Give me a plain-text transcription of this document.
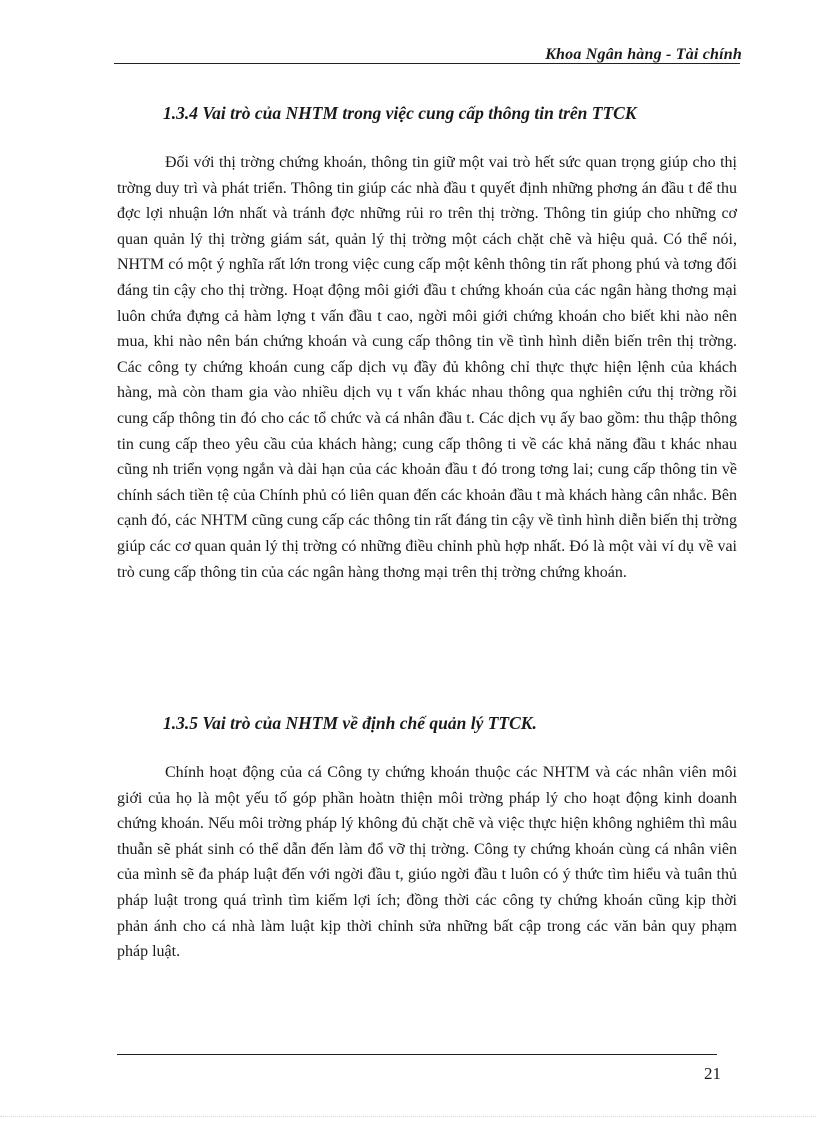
Khoa Ngân hàng - Tài chính
1.3.4 Vai trò của NHTM trong việc cung cấp thông tin trên TTCK

Đối với thị trờng chứng khoán, thông tin giữ một vai trò hết sức quan trọng giúp cho thị trờng duy trì và phát triển. Thông tin giúp các nhà đầu t quyết định những phơng án đầu t để thu đợc lợi nhuận lớn nhất và tránh đợc những rủi ro trên thị trờng. Thông tin giúp cho những cơ quan quản lý thị trờng giám sát, quản lý thị trờng một cách chặt chẽ và hiệu quả. Có thể nói, NHTM có một ý nghĩa rất lớn trong việc cung cấp một kênh thông tin rất phong phú và tơng đối đáng tin cậy cho thị trờng. Hoạt động môi giới đầu t chứng khoán của các ngân hàng thơng mại luôn chứa đựng cả hàm lợng t vấn đầu t cao, ngời môi giới chứng khoán cho biết khi nào nên mua, khi nào nên bán chứng khoán và cung cấp thông tin về tình hình diễn biến trên thị trờng. Các công ty chứng khoán cung cấp dịch vụ đầy đủ không chỉ thực thực hiện lệnh của khách hàng, mà còn tham gia vào nhiều dịch vụ t vấn khác nhau thông qua nghiên cứu thị trờng rồi cung cấp thông tin đó cho các tổ chức và cá nhân đầu t. Các dịch vụ ấy bao gồm: thu thập thông tin cung cấp theo yêu cầu của khách hàng; cung cấp thông ti về các khả năng đầu t khác nhau cũng nh triển vọng ngắn và dài hạn của các khoản đầu t đó trong tơng lai; cung cấp thông tin về chính sách tiền tệ của Chính phủ có liên quan đến các khoản đầu t mà khách hàng cân nhắc. Bên cạnh đó, các NHTM cũng cung cấp các thông tin rất đáng tin cậy về tình hình diễn biến thị trờng giúp các cơ quan quản lý thị trờng có những điều chỉnh phù hợp nhất. Đó là một vài ví dụ về vai trò cung cấp thông tin của các ngân hàng thơng mại trên thị trờng chứng khoán.

1.3.5 Vai trò của NHTM về định chế quản lý TTCK.

Chính hoạt động của cá Công ty chứng khoán thuộc các NHTM và các nhân viên môi giới của họ là một yếu tố góp phần hoàtn thiện môi trờng pháp lý cho hoạt động kinh doanh chứng khoán. Nếu môi trờng pháp lý không đủ chặt chẽ và việc thực hiện không nghiêm thì mâu thuẫn sẽ phát sinh có thể dẫn đến làm đổ vỡ thị trờng. Công ty chứng khoán cùng cá nhân viên của mình sẽ đa pháp luật đến với ngời đầu t, giúo ngời đầu t luôn có ý thức tìm hiểu và tuân thủ pháp luật trong quá trình tìm kiếm lợi ích; đồng thời các công ty chứng khoán cũng kịp thời phản ánh cho cá nhà làm luật kịp thời chỉnh sửa những bất cập trong các văn bản quy phạm pháp luật.

21
